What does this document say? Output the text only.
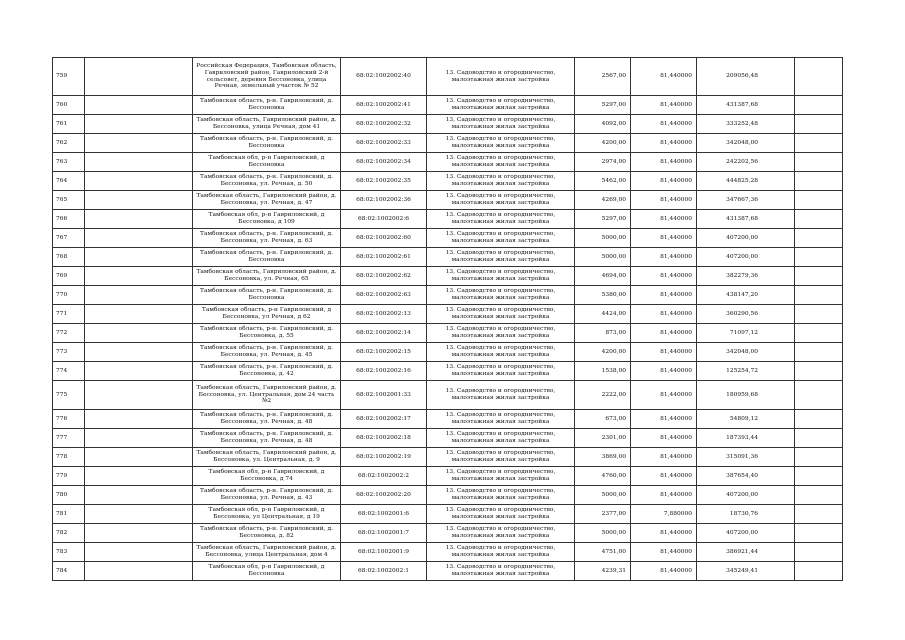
759		Российская Федерация, Тамбовская область, Гавриловский район, Гавриловский 2-й сельсовет, деревня Бессоновка, улица Речная, земельный участок № 52	68:02:1002002:40	13. Садоводство и огородничество, малоэтажная жилая застройка	2567,00	81,440000	209056,48	
760		Тамбовская область, р-н. Гавриловский, д. Бессоновка	68:02:1002002:41	13. Садоводство и огородничество, малоэтажная жилая застройка	5297,00	81,440000	431387,68	
761		Тамбовская область, Гавриловский район, д. Бессоновка, улица Речная, дом 41	68:02:1002002:32	13. Садоводство и огородничество, малоэтажная жилая застройка	4092,00	81,440000	333252,48	
762		Тамбовская область, р-н. Гавриловский, д. Бессоновка	68:02:1002002:33	13. Садоводство и огородничество, малоэтажная жилая застройка	4200,00	81,440000	342048,00	
763		Тамбовская обл, р-н Гавриловский, д Бессоновка	68:02:1002002:34	13. Садоводство и огородничество, малоэтажная жилая застройка	2974,00	81,440000	242202,56	
764		Тамбовская область, р-н. Гавриловский, д. Бессоновка, ул. Речная, д. 50	68:02:1002002:35	13. Садоводство и огородничество, малоэтажная жилая застройка	5462,00	81,440000	444825,28	
765		Тамбовская область, Гавриловский район, д. Бессоновка, ул. Речная, д. 47	68:02:1002002:36	13. Садоводство и огородничество, малоэтажная жилая застройка	4269,00	81,440000	347667,36	
766		Тамбовская обл, р-н Гавриловский, д Бессоновка, д 109	68:02:1002002:6	13. Садоводство и огородничество, малоэтажная жилая застройка	5297,00	81,440000	431387,68	
767		Тамбовская область, р-н. Гавриловский, д. Бессоновка, ул. Речная, д. 63	68:02:1002002:60	13. Садоводство и огородничество, малоэтажная жилая застройка	5000,00	81,440000	407200,00	
768		Тамбовская область, р-н. Гавриловский, д. Бессоновка	68:02:1002002:61	13. Садоводство и огородничество, малоэтажная жилая застройка	5000,00	81,440000	407200,00	
769		Тамбовская область, Гавриловский район, д. Бессоновка, ул. Речная, 65	68:02:1002002:62	13. Садоводство и огородничество, малоэтажная жилая застройка	4694,00	81,440000	382279,36	
770		Тамбовская область, р-н. Гавриловский, д. Бессоновка	68:02:1002002:63	13. Садоводство и огородничество, малоэтажная жилая застройка	5380,00	81,440000	438147,20	
771		Тамбовская область, р-н Гавриловский, д Бессоновка, ул Речная, д 62	68:02:1002002:13	13. Садоводство и огородничество, малоэтажная жилая застройка	4424,00	81,440000	360290,56	
772		Тамбовская область, р-н. Гавриловский, д. Бессоновка, д. 55	68:02:1002002:14	13. Садоводство и огородничество, малоэтажная жилая застройка	873,00	81,440000	71097,12	
773		Тамбовская область, р-н. Гавриловский, д. Бессоновка, ул. Речная, д. 45	68:02:1002002:15	13. Садоводство и огородничество, малоэтажная жилая застройка	4200,00	81,440000	342048,00	
774		Тамбовская область, р-н. Гавриловский, д. Бессоновка, д. 42	68:02:1002002:16	13. Садоводство и огородничество, малоэтажная жилая застройка	1538,00	81,440000	125254,72	
775		Тамбовская область, Гавриловский район, д. Бессоновка, ул. Центральная, дом 24 часть №2	68:02:1002001:33	13. Садоводство и огородничество, малоэтажная жилая застройка	2222,00	81,440000	180959,68	
776		Тамбовская область, р-н. Гавриловский, д. Бессоновка, ул. Речная, д. 48	68:02:1002002:17	13. Садоводство и огородничество, малоэтажная жилая застройка	673,00	81,440000	54809,12	
777		Тамбовская область, р-н. Гавриловский, д. Бессоновка, ул. Речная, д. 48	68:02:1002002:18	13. Садоводство и огородничество, малоэтажная жилая застройка	2301,00	81,440000	187393,44	
778		Тамбовская область, Гавриловский район, д. Бессоновка, ул. Центральная, д. 9	68:02:1002002:19	13. Садоводство и огородничество, малоэтажная жилая застройка	3869,00	81,440000	315091,36	
779		Тамбовская обл, р-н Гавриловский, д Бессоновка, д 74	68:02:1002002:2	13. Садоводство и огородничество, малоэтажная жилая застройка	4760,00	81,440000	387654,40	
780		Тамбовская область, р-н. Гавриловский, д. Бессоновка, ул. Речная, д. 43	68:02:1002002:20	13. Садоводство и огородничество, малоэтажная жилая застройка	5000,00	81,440000	407200,00	
781		Тамбовская обл, р-н Гавриловский, д Бессоновка, ул Центральная, д 19	68:02:1002001:6	13. Садоводство и огородничество, малоэтажная жилая застройка	2377,00	7,880000	18730,76	
782		Тамбовская область, р-н. Гавриловский, д. Бессоновка, д. 82	68:02:1002001:7	13. Садоводство и огородничество, малоэтажная жилая застройка	5000,00	81,440000	407200,00	
783		Тамбовская область, Гавриловский район, д. Бессоновка, улица Центральная, дом 4	68:02:1002001:9	13. Садоводство и огородничество, малоэтажная жилая застройка	4751,00	81,440000	386921,44	
784		Тамбовская обл, р-н Гавриловский, д Бессоновка	68:02:1002002:1	13. Садоводство и огородничество, малоэтажная жилая застройка	4239,31	81,440000	345249,41	
